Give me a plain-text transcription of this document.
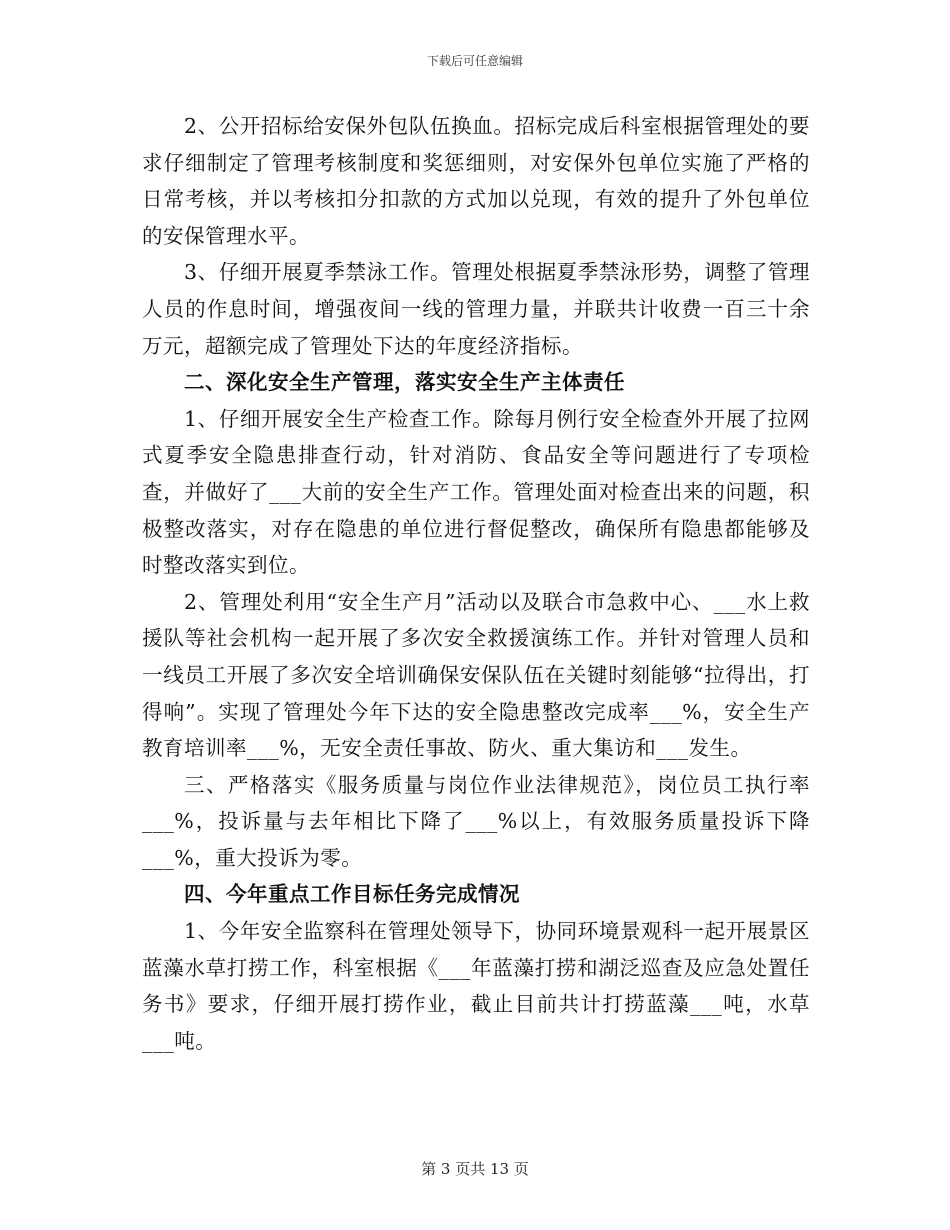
下载后可任意编辑

2、公开招标给安保外包队伍换血。招标完成后科室根据管理处的要求仔细制定了管理考核制度和奖惩细则，对安保外包单位实施了严格的日常考核，并以考核扣分扣款的方式加以兑现，有效的提升了外包单位的安保管理水平。

3、仔细开展夏季禁泳工作。管理处根据夏季禁泳形势，调整了管理人员的作息时间，增强夜间一线的管理力量，并联共计收费一百三十余万元，超额完成了管理处下达的年度经济指标。

二、深化安全生产管理，落实安全生产主体责任

1、仔细开展安全生产检查工作。除每月例行安全检查外开展了拉网式夏季安全隐患排查行动，针对消防、食品安全等问题进行了专项检查，并做好了___大前的安全生产工作。管理处面对检查出来的问题，积极整改落实，对存在隐患的单位进行督促整改，确保所有隐患都能够及时整改落实到位。

2、管理处利用“安全生产月”活动以及联合市急救中心、___水上救援队等社会机构一起开展了多次安全救援演练工作。并针对管理人员和一线员工开展了多次安全培训确保安保队伍在关键时刻能够“拉得出，打得响”。实现了管理处今年下达的安全隐患整改完成率___%，安全生产教育培训率___%，无安全责任事故、防火、重大集访和___发生。

三、严格落实《服务质量与岗位作业法律规范》，岗位员工执行率___%，投诉量与去年相比下降了___%以上，有效服务质量投诉下降___%，重大投诉为零。

四、今年重点工作目标任务完成情况

1、今年安全监察科在管理处领导下，协同环境景观科一起开展景区蓝藻水草打捞工作，科室根据《___年蓝藻打捞和湖泛巡查及应急处置任务书》要求，仔细开展打捞作业，截止目前共计打捞蓝藻___吨，水草___吨。

第 3 页共 13 页
